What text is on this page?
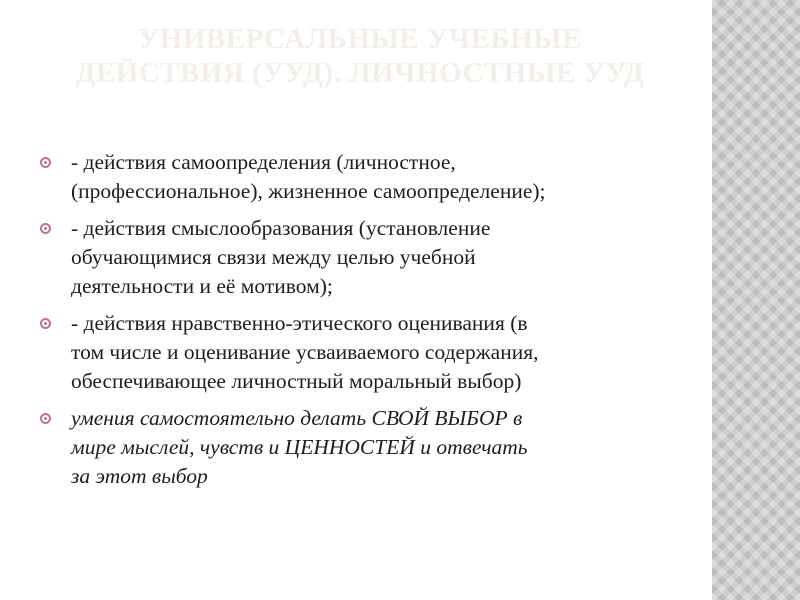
УНИВЕРСАЛЬНЫЕ УЧЕБНЫЕ
ДЕЙСТВИЯ (УУД). ЛИЧНОСТНЫЕ УУД
- действия самоопределения (личностное,
(профессиональное), жизненное самоопределение);
- действия смыслообразования (установление
обучающимися связи между целью учебной
деятельности и её мотивом);
- действия нравственно-этического оценивания (в
том числе и оценивание усваиваемого содержания,
обеспечивающее личностный моральный выбор)
умения самостоятельно делать СВОЙ ВЫБОР в
мире мыслей, чувств и ЦЕННОСТЕЙ и отвечать
за этот выбор
